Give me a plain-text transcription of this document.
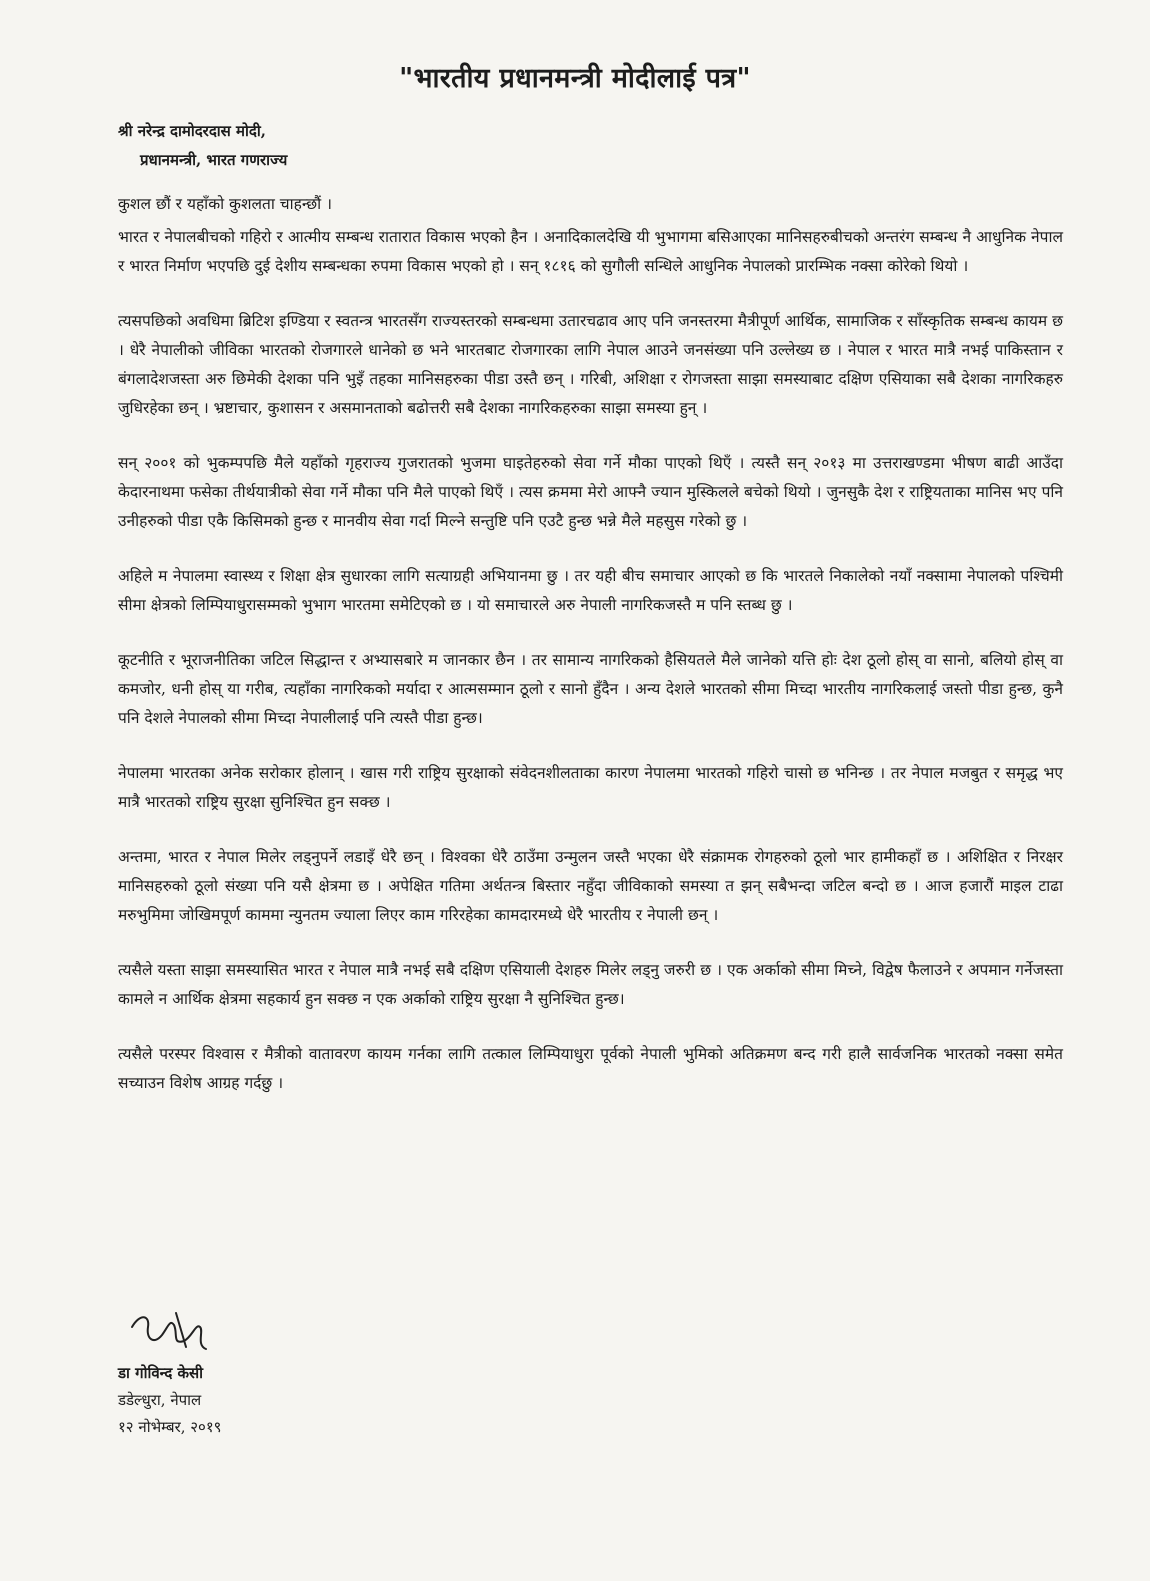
"भारतीय प्रधानमन्त्री मोदीलाई पत्र"
श्री नरेन्द्र दामोदरदास मोदी,
प्रधानमन्त्री, भारत गणराज्य
कुशल छौं र यहाँको कुशलता चाहन्छौं ।

भारत र नेपालबीचको गहिरो र आत्मीय सम्बन्ध रातारात विकास भएको हैन । अनादिकालदेखि यी भुभागमा बसिआएका मानिसहरुबीचको अन्तरंग सम्बन्ध नै आधुनिक नेपाल र भारत निर्माण भएपछि दुई देशीय सम्बन्धका रुपमा विकास भएको हो । सन् १८१६ को सुगौली सन्धिले आधुनिक नेपालको प्रारम्भिक नक्सा कोरेको थियो ।

त्यसपछिको अवधिमा ब्रिटिश इण्डिया र स्वतन्त्र भारतसँग राज्यस्तरको सम्बन्धमा उतारचढाव आए पनि जनस्तरमा मैत्रीपूर्ण आर्थिक, सामाजिक र साँस्कृतिक सम्बन्ध कायम छ । धेरै नेपालीको जीविका भारतको रोजगारले धानेको छ भने भारतबाट रोजगारका लागि नेपाल आउने जनसंख्या पनि उल्लेख्य छ । नेपाल र भारत मात्रै नभई पाकिस्तान र बंगलादेशजस्ता अरु छिमेकी देशका पनि भुइँ तहका मानिसहरुका पीडा उस्तै छन् । गरिबी, अशिक्षा र रोगजस्ता साझा समस्याबाट दक्षिण एसियाका सबै देशका नागरिकहरु जुधिरहेका छन् । भ्रष्टाचार, कुशासन र असमानताको बढोत्तरी सबै देशका नागरिकहरुका साझा समस्या हुन् ।

सन् २००१ को भुकम्पपछि मैले यहाँको गृहराज्य गुजरातको भुजमा घाइतेहरुको सेवा गर्ने मौका पाएको थिएँ । त्यस्तै सन् २०१३ मा उत्तराखण्डमा भीषण बाढी आउँदा केदारनाथमा फसेका तीर्थयात्रीको सेवा गर्ने मौका पनि मैले पाएको थिएँ । त्यस क्रममा मेरो आफ्नै ज्यान मुस्किलले बचेको थियो । जुनसुकै देश र राष्ट्रियताका मानिस भए पनि उनीहरुको पीडा एकै किसिमको हुन्छ र मानवीय सेवा गर्दा मिल्ने सन्तुष्टि पनि एउटै हुन्छ भन्ने मैले महसुस गरेको छु ।

अहिले म नेपालमा स्वास्थ्य र शिक्षा क्षेत्र सुधारका लागि सत्याग्रही अभियानमा छु । तर यही बीच समाचार आएको छ कि भारतले निकालेको नयाँ नक्सामा नेपालको पश्चिमी सीमा क्षेत्रको लिम्पियाधुरासम्मको भुभाग भारतमा समेटिएको छ । यो समाचारले अरु नेपाली नागरिकजस्तै म पनि स्तब्ध छु ।

कूटनीति र भूराजनीतिका जटिल सिद्धान्त र अभ्यासबारे म जानकार छैन । तर सामान्य नागरिकको हैसियतले मैले जानेको यत्ति होः देश ठूलो होस् वा सानो, बलियो होस् वा कमजोर, धनी होस् या गरीब, त्यहाँका नागरिकको मर्यादा र आत्मसम्मान ठूलो र सानो हुँदैन । अन्य देशले भारतको सीमा मिच्दा भारतीय नागरिकलाई जस्तो पीडा हुन्छ, कुनै पनि देशले नेपालको सीमा मिच्दा नेपालीलाई पनि त्यस्तै पीडा हुन्छ।

नेपालमा भारतका अनेक सरोकार होलान् । खास गरी राष्ट्रिय सुरक्षाको संवेदनशीलताका कारण नेपालमा भारतको गहिरो चासो छ भनिन्छ । तर नेपाल मजबुत र समृद्ध भए मात्रै भारतको राष्ट्रिय सुरक्षा सुनिश्चित हुन सक्छ ।

अन्तमा, भारत र नेपाल मिलेर लड्नुपर्ने लडाइँ धेरै छन् । विश्वका धेरै ठाउँमा उन्मुलन जस्तै भएका धेरै संक्रामक रोगहरुको ठूलो भार हामीकहाँ छ । अशिक्षित र निरक्षर मानिसहरुको ठूलो संख्या पनि यसै क्षेत्रमा छ । अपेक्षित गतिमा अर्थतन्त्र बिस्तार नहुँदा जीविकाको समस्या त झन् सबैभन्दा जटिल बन्दो छ । आज हजारौं माइल टाढा मरुभुमिमा जोखिमपूर्ण काममा न्युनतम ज्याला लिएर काम गरिरहेका कामदारमध्ये धेरै भारतीय र नेपाली छन् ।

त्यसैले यस्ता साझा समस्यासित भारत र नेपाल मात्रै नभई सबै दक्षिण एसियाली देशहरु मिलेर लड्नु जरुरी छ । एक अर्काको सीमा मिच्ने, विद्वेष फैलाउने र अपमान गर्नेजस्ता कामले न आर्थिक क्षेत्रमा सहकार्य हुन सक्छ न एक अर्काको राष्ट्रिय सुरक्षा नै सुनिश्चित हुन्छ।

त्यसैले परस्पर विश्वास र मैत्रीको वातावरण कायम गर्नका लागि तत्काल लिम्पियाधुरा पूर्वको नेपाली भुमिको अतिक्रमण बन्द गरी हालै सार्वजनिक भारतको नक्सा समेत सच्याउन विशेष आग्रह गर्दछु ।

डा गोविन्द केसी
डडेल्धुरा, नेपाल
१२ नोभेम्बर, २०१९
